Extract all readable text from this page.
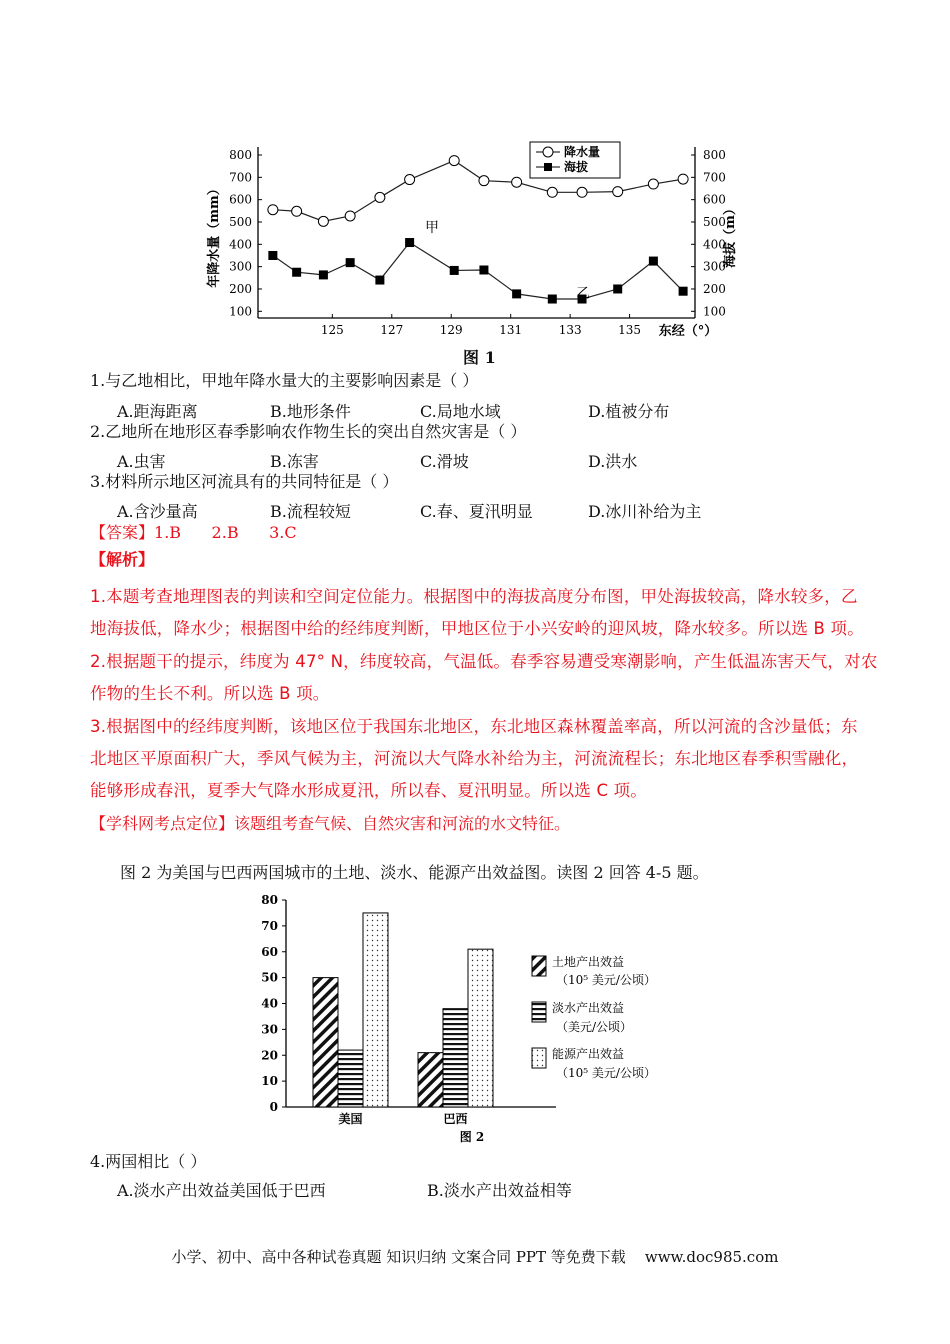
100	100
200	200
300	300
400	400
500	500
600	600
700	700
800	800
125	127	129	131	133	135
年降水量（mm）	海拔（m）
东经（°）
甲
乙
降水量
海拔
图 1
1.与乙地相比，甲地年降水量大的主要影响因素是（ ）
A.距海距离	B.地形条件	C.局地水域	D.植被分布
2.乙地所在地形区春季影响农作物生长的突出自然灾害是（ ）
A.虫害	B.冻害	C.滑坡	D.洪水
3.材料所示地区河流具有的共同特征是（ ）
A.含沙量高	B.流程较短	C.春、夏汛明显	D.冰川补给为主
【答案】1.B      2.B      3.C
【解析】
1.本题考查地理图表的判读和空间定位能力。根据图中的海拔高度分布图，甲处海拔较高，降水较多，乙
地海拔低，降水少；根据图中给的经纬度判断，甲地区位于小兴安岭的迎风坡，降水较多。所以选 B 项。
2.根据题干的提示，纬度为 47° N，纬度较高，气温低。春季容易遭受寒潮影响，产生低温冻害天气，对农
作物的生长不利。所以选 B 项。
3.根据图中的经纬度判断，该地区位于我国东北地区，东北地区森林覆盖率高，所以河流的含沙量低；东
北地区平原面积广大，季风气候为主，河流以大气降水补给为主，河流流程长；东北地区春季积雪融化，
能够形成春汛，夏季大气降水形成夏汛，所以春、夏汛明显。所以选 C 项。
【学科网考点定位】该题组考查气候、自然灾害和河流的水文特征。
图 2 为美国与巴西两国城市的土地、淡水、能源产出效益图。读图 2 回答 4-5 题。
0
10
20
30
40
50
60
70
80
美国	巴西
图 2
土地产出效益
（10⁵ 美元/公顷）
淡水产出效益
（美元/公顷）
能源产出效益
（10⁵ 美元/公顷）
4.两国相比（ ）
A.淡水产出效益美国低于巴西	B.淡水产出效益相等
小学、初中、高中各种试卷真题 知识归纳 文案合同 PPT 等免费下载    www.doc985.com
